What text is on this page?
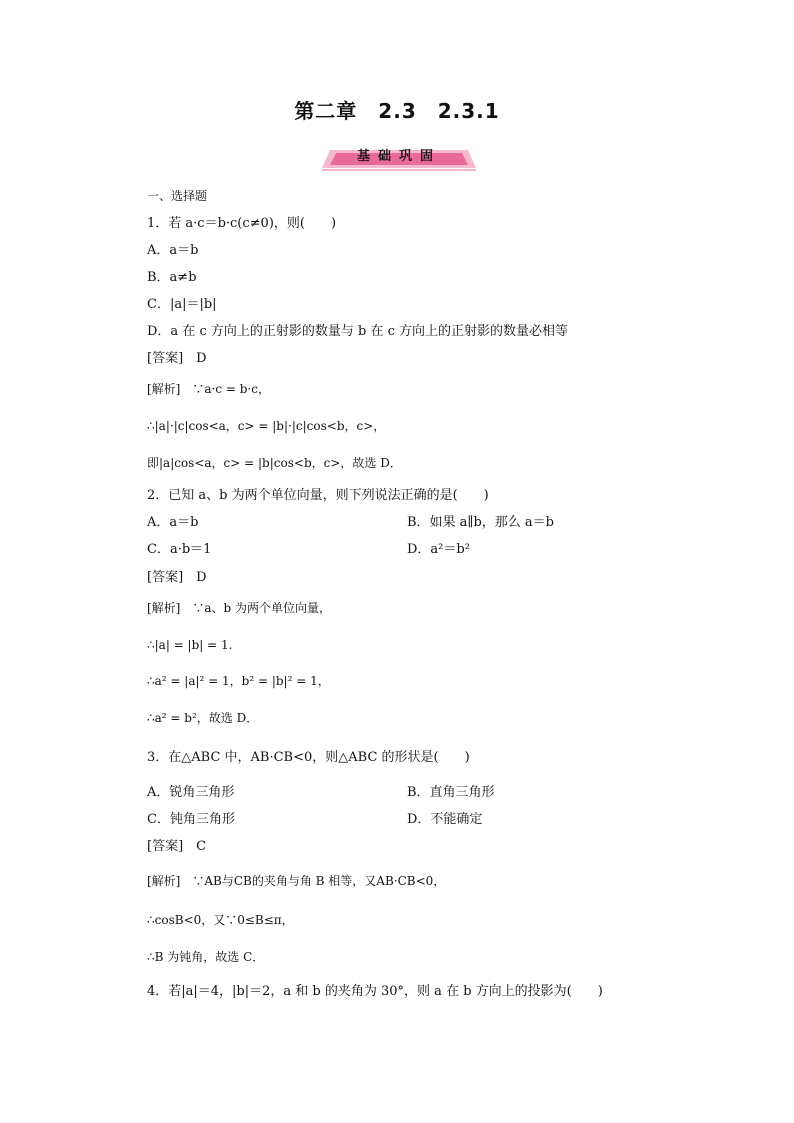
第二章　2.3　2.3.1
基础巩固
一、选择题
1．若 a·c＝b·c(c≠0)，则(　　)
A．a＝b
B．a≠b
C．|a|＝|b|
D．a 在 c 方向上的正射影的数量与 b 在 c 方向上的正射影的数量必相等
[答案]　D
[解析]　∵a·c = b·c，
∴|a|·|c|cos<a，c> = |b|·|c|cos<b，c>，
即|a|cos<a，c> = |b|cos<b，c>，故选 D．
2．已知 a、b 为两个单位向量，则下列说法正确的是(　　)
A．a＝b	B．如果 a∥b，那么 a＝b
C．a·b＝1	D．a²＝b²
[答案]　D
[解析]　∵a、b 为两个单位向量，
∴|a| = |b| = 1.
∴a² = |a|² = 1，b² = |b|² = 1，
∴a² = b²，故选 D．
3．在△ABC 中，AB·CB<0，则△ABC 的形状是(　　)
A．锐角三角形	B．直角三角形
C．钝角三角形	D．不能确定
[答案]　C
[解析]　∵AB与CB的夹角与角 B 相等，又AB·CB<0，
∴cosB<0，又∵0≤B≤π，
∴B 为钝角，故选 C．
4．若|a|＝4，|b|＝2，a 和 b 的夹角为 30°，则 a 在 b 方向上的投影为(　　)
